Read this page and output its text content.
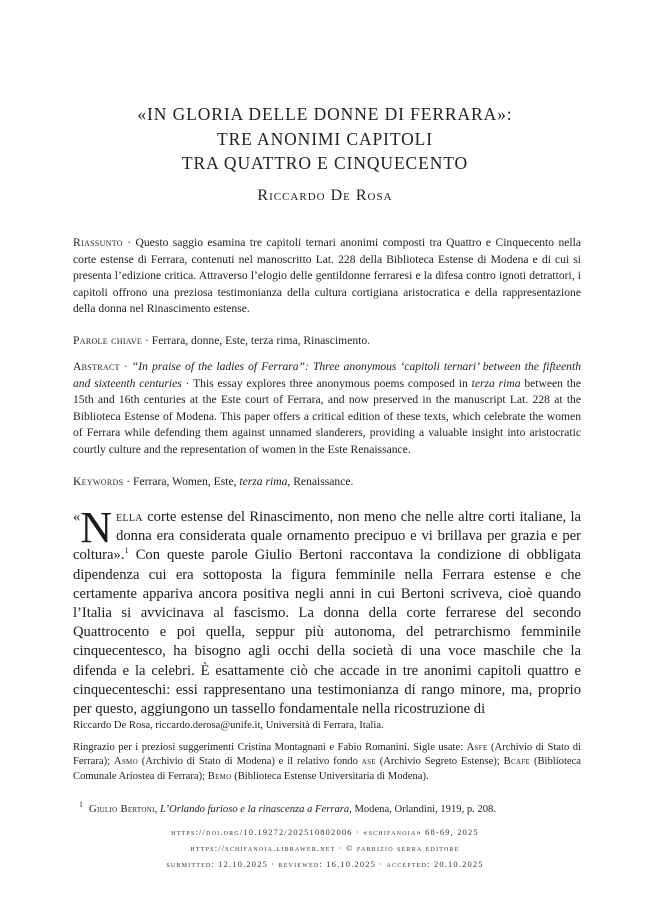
«IN GLORIA DELLE DONNE DI FERRARA»:
TRE ANONIMI CAPITOLI
TRA QUATTRO E CINQUECENTO
Riccardo De Rosa
Riassunto · Questo saggio esamina tre capitoli ternari anonimi composti tra Quattro e Cinquecento nella corte estense di Ferrara, contenuti nel manoscritto Lat. 228 della Biblioteca Estense di Modena e di cui si presenta l’edizione critica. Attraverso l’elogio delle gentildonne ferraresi e la difesa contro ignoti detrattori, i capitoli offrono una preziosa testimonianza della cultura cortigiana aristocratica e della rappresentazione della donna nel Rinascimento estense.
Parole chiave · Ferrara, donne, Este, terza rima, Rinascimento.
Abstract · “In praise of the ladies of Ferrara”: Three anonymous ‘capitoli ternari’ between the fifteenth and sixteenth centuries · This essay explores three anonymous poems composed in terza rima between the 15th and 16th centuries at the Este court of Ferrara, and now preserved in the manuscript Lat. 228 at the Biblioteca Estense of Modena. This paper offers a critical edition of these texts, which celebrate the women of Ferrara while defending them against unnamed slanderers, providing a valuable insight into aristocratic courtly culture and the representation of women in the Este Renaissance.
Keywords · Ferrara, Women, Este, terza rima, Renaissance.
« N ella corte estense del Rinascimento, non meno che nelle altre corti italiane, la donna era considerata quale ornamento precipuo e vi brillava per grazia e per coltura».$^1$ Con queste parole Giulio Bertoni raccontava la condizione di obbligata dipendenza cui era sottoposta la figura femminile nella Ferrara estense e che certamente appariva ancora positiva negli anni in cui Bertoni scriveva, cioè quando l’Italia si avvicinava al fascismo. La donna della corte ferrarese del secondo Quattrocento e poi quella, seppur più autonoma, del petrarchismo femminile cinquecentesco, ha bisogno agli occhi della società di una voce maschile che la difenda e la celebri. È esattamente ciò che accade in tre anonimi capitoli quattro e cinquecenteschi: essi rappresentano una testimonianza di rango minore, ma, proprio per questo, aggiungono un tassello fondamentale nella ricostruzione di
Riccardo De Rosa, riccardo.derosa@unife.it, Università di Ferrara, Italia.
Ringrazio per i preziosi suggerimenti Cristina Montagnani e Fabio Romanini. Sigle usate: Asfe (Archivio di Stato di Ferrara); Asmo (Archivio di Stato di Modena) e il relativo fondo ase (Archivio Segreto Estense); Bcafe (Biblioteca Comunale Ariostea di Ferrara); Bemo (Biblioteca Estense Universitaria di Modena).
$^1$ Giulio Bertoni, L’Orlando furioso e la rinascenza a Ferrara, Modena, Orlandini, 1919, p. 208.
https://doi.org/10.19272/202510802006 · «schifanoia» 68-69, 2025
https://schifanoia.librawer.net · © fabrizio serra editore
submitted: 12.10.2025 · reviewed: 16.10.2025 · accepted: 20.10.2025
